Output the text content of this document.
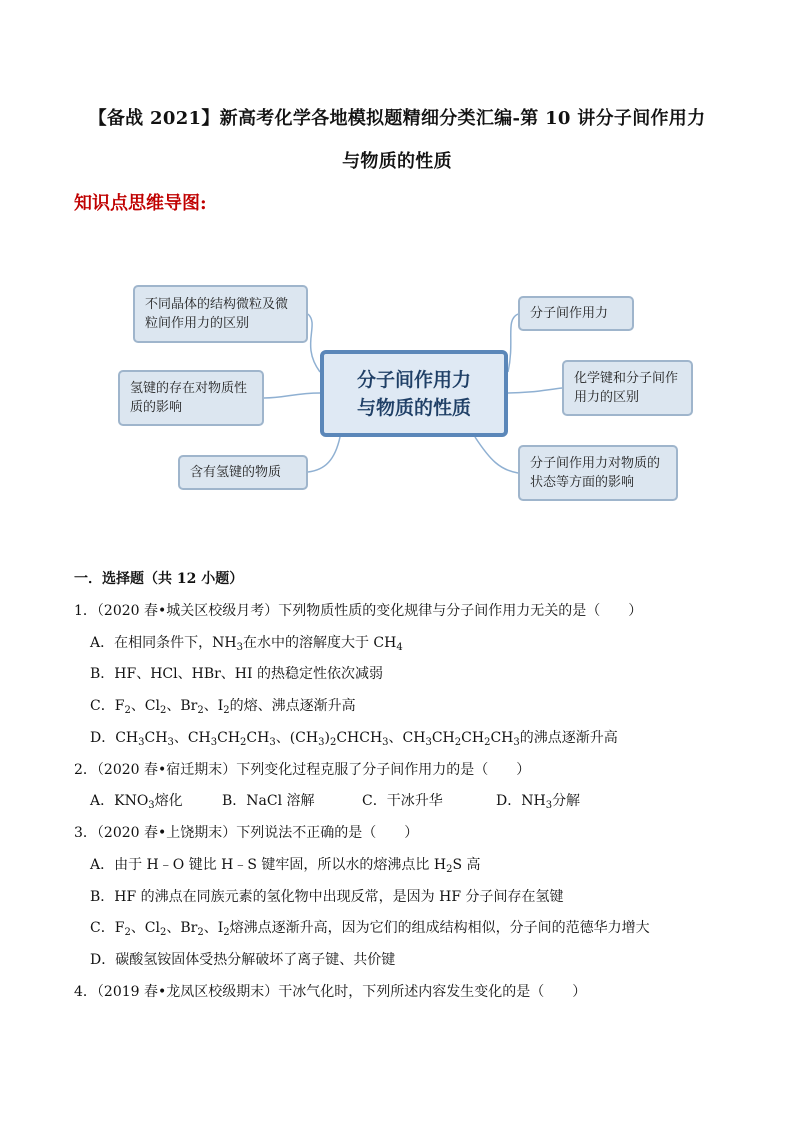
【备战 2021】新高考化学各地模拟题精细分类汇编-第 10 讲分子间作用力
与物质的性质
知识点思维导图:
分子间作用力
与物质的性质
不同晶体的结构微粒及微粒间作用力的区别
氢键的存在对物质性质的影响
含有氢键的物质
分子间作用力
化学键和分子间作用力的区别
分子间作用力对物质的状态等方面的影响
一．选择题（共 12 小题）
1．（2020 春•城关区校级月考）下列物质性质的变化规律与分子间作用力无关的是（　　）
A．在相同条件下，$NH_3$在水中的溶解度大于 $CH_4$
B．HF、HCl、HBr、HI 的热稳定性依次减弱
C．$F_2$、$Cl_2$、$Br_2$、$I_2$的熔、沸点逐渐升高
D．$CH_3CH_3$、$CH_3CH_2CH_3$、$(CH_3)_2CHCH_3$、$CH_3CH_2CH_2CH_3$的沸点逐渐升高
2．（2020 春•宿迁期末）下列变化过程克服了分子间作用力的是（　　）
A．$KNO_3$熔化	B．NaCl 溶解	C．干冰升华	D．$NH_3$分解
3．（2020 春•上饶期末）下列说法不正确的是（　　）
A．由于 H﹣O 键比 H﹣S 键牢固，所以水的熔沸点比 $H_2S$ 高
B．HF 的沸点在同族元素的氢化物中出现反常，是因为 HF 分子间存在氢键
C．$F_2$、$Cl_2$、$Br_2$、$I_2$熔沸点逐渐升高，因为它们的组成结构相似，分子间的范德华力增大
D．碳酸氢铵固体受热分解破坏了离子键、共价键
4．（2019 春•龙凤区校级期末）干冰气化时，下列所述内容发生变化的是（　　）
